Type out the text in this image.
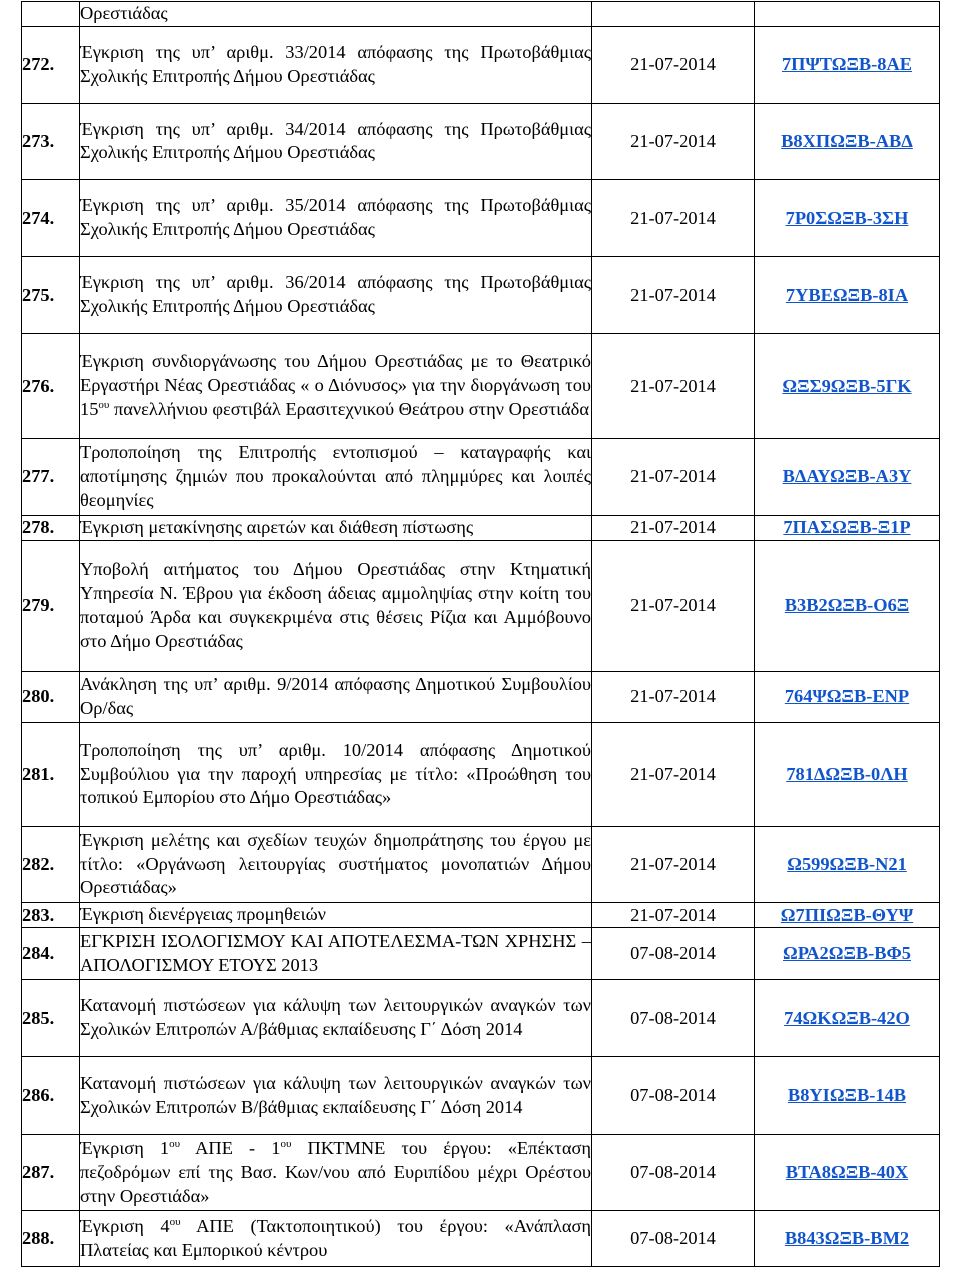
	Ορεστιάδας		
272.	Έγκριση της υπ’ αριθμ. 33/2014 απόφασης της Πρωτοβάθμιας Σχολικής Επιτροπής Δήμου Ορεστιάδας	21-07-2014	7ΠΨΤΩΞΒ-8ΑΕ
273.	Έγκριση της υπ’ αριθμ. 34/2014 απόφασης της Πρωτοβάθμιας Σχολικής Επιτροπής Δήμου Ορεστιάδας	21-07-2014	Β8ΧΠΩΞΒ-ΑΒΔ
274.	Έγκριση της υπ’ αριθμ. 35/2014 απόφασης της Πρωτοβάθμιας Σχολικής Επιτροπής Δήμου Ορεστιάδας	21-07-2014	7Ρ0ΣΩΞΒ-3ΣΗ
275.	Έγκριση της υπ’ αριθμ. 36/2014 απόφασης της Πρωτοβάθμιας Σχολικής Επιτροπής Δήμου Ορεστιάδας	21-07-2014	7ΥΒΕΩΞΒ-8ΙΑ
276.	Έγκριση συνδιοργάνωσης του Δήμου Ορεστιάδας με το Θεατρικό Εργαστήρι Νέας Ορεστιάδας « ο Διόνυσος» για την διοργάνωση του $15^{o\upsilon}$ πανελλήνιου φεστιβάλ Ερασιτεχνικού Θεάτρου στην Ορεστιάδα	21-07-2014	ΩΞΣ9ΩΞΒ-5ΓΚ
277.	Τροποποίηση της Επιτροπής εντοπισμού – καταγραφής και αποτίμησης ζημιών που προκαλούνται από πλημμύρες και λοιπές θεομηνίες	21-07-2014	ΒΔΑΥΩΞΒ-Α3Υ
278.	Έγκριση μετακίνησης αιρετών και διάθεση πίστωσης	21-07-2014	7ΠΑΣΩΞΒ-Ξ1Ρ
279.	Υποβολή αιτήματος του Δήμου Ορεστιάδας στην Κτηματική Υπηρεσία Ν. Έβρου για έκδοση άδειας αμμοληψίας στην κοίτη του ποταμού Άρδα και συγκεκριμένα στις θέσεις Ρίζια και Αμμόβουνο στο Δήμο Ορεστιάδας	21-07-2014	Β3Β2ΩΞΒ-Ο6Ξ
280.	Ανάκληση της υπ’ αριθμ. 9/2014 απόφασης Δημοτικού Συμβουλίου Ορ/δας	21-07-2014	764ΨΩΞΒ-ΕΝΡ
281.	Τροποποίηση της υπ’ αριθμ. 10/2014 απόφασης Δημοτικού Συμβούλιου για την παροχή υπηρεσίας με τίτλο: «Προώθηση του τοπικού Εμπορίου στο Δήμο Ορεστιάδας»	21-07-2014	781ΔΩΞΒ-0ΛΗ
282.	Έγκριση μελέτης και σχεδίων τευχών δημοπράτησης του έργου με τίτλο: «Οργάνωση λειτουργίας συστήματος μονοπατιών Δήμου Ορεστιάδας»	21-07-2014	Ω599ΩΞΒ-Ν21
283.	Έγκριση διενέργειας προμηθειών	21-07-2014	Ω7ΠΙΩΞΒ-ΘΥΨ
284.	ΕΓΚΡΙΣΗ ΙΣΟΛΟΓΙΣΜΟΥ ΚΑΙ ΑΠΟΤΕΛΕΣΜΑ-ΤΩΝ ΧΡΗΣΗΣ – ΑΠΟΛΟΓΙΣΜΟΥ ΕΤΟΥΣ 2013	07-08-2014	ΩΡΑ2ΩΞΒ-ΒΦ5
285.	Κατανομή πιστώσεων για κάλυψη των λειτουργικών αναγκών των Σχολικών Επιτροπών Α/βάθμιας εκπαίδευσης Γ΄ Δόση 2014	07-08-2014	74ΩΚΩΞΒ-42Ο
286.	Κατανομή πιστώσεων για κάλυψη των λειτουργικών αναγκών των Σχολικών Επιτροπών Β/βάθμιας εκπαίδευσης Γ΄ Δόση 2014	07-08-2014	Β8ΥΙΩΞΒ-14Β
287.	Έγκριση $1^{o\upsilon}$ ΑΠΕ - $1^{o\upsilon}$ ΠΚΤΜΝΕ του έργου: «Επέκταση πεζοδρόμων επί της Βασ. Κων/νου από Ευριπίδου μέχρι Ορέστου στην Ορεστιάδα»	07-08-2014	ΒΤΑ8ΩΞΒ-40Χ
288.	Έγκριση $4^{o\upsilon}$ ΑΠΕ (Τακτοποιητικού) του έργου: «Ανάπλαση Πλατείας και Εμπορικού κέντρου	07-08-2014	Β843ΩΞΒ-ΒΜ2
